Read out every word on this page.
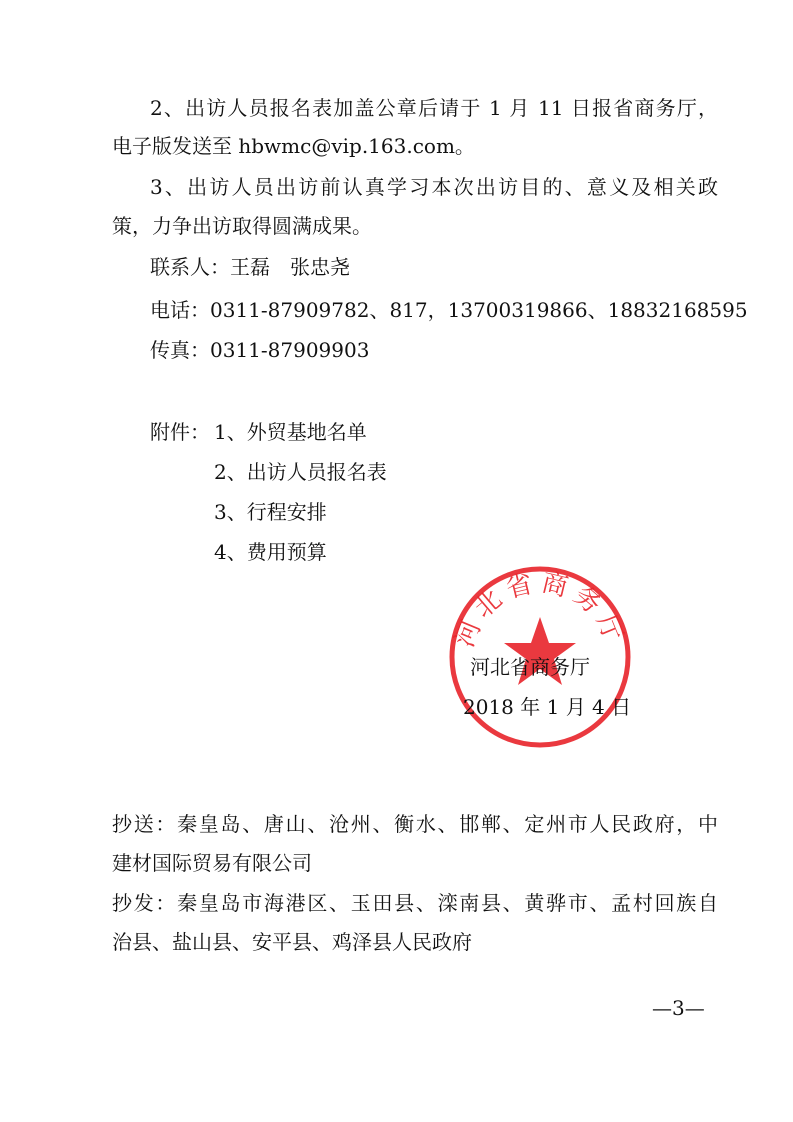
2、出访人员报名表加盖公章后请于 1 月 11 日报省商务厅，
电子版发送至 hbwmc@vip.163.com。
3、出访人员出访前认真学习本次出访目的、意义及相关政
策，力争出访取得圆满成果。
联系人：王磊　张忠尧
电话：0311-87909782、817，13700319866、18832168595
传真：0311-87909903
附件： 1、外贸基地名单
2、出访人员报名表
3、行程安排
4、费用预算
河北省商务厅
河北省商务厅
2018 年 1 月 4 日
抄送：秦皇岛、唐山、沧州、衡水、邯郸、定州市人民政府，中
建材国际贸易有限公司
抄发：秦皇岛市海港区、玉田县、滦南县、黄骅市、孟村回族自
治县、盐山县、安平县、鸡泽县人民政府
—3—
